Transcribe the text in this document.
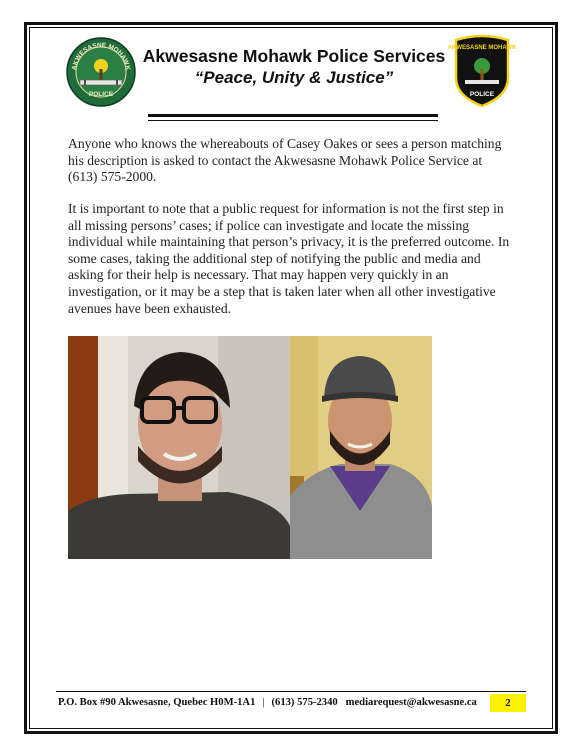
AKWESASNE MOHAWK
POLICE
Akwesasne Mohawk Police Services
“Peace, Unity & Justice”
AKWESASNE MOHAWK
POLICE

Anyone who knows the whereabouts of Casey Oakes or sees a person matching his description is asked to contact the Akwesasne Mohawk Police Service at (613) 575-2000.

It is important to note that a public request for information is not the first step in all missing persons’ cases; if police can investigate and locate the missing individual while maintaining that person’s privacy, it is the preferred outcome. In some cases, taking the additional step of notifying the public and media and asking for their help is necessary. That may happen very quickly in an investigation, or it may be a step that is taken later when all other investigative avenues have been exhausted.

P.O. Box #90 Akwesasne, Quebec H0M-1A1 | (613) 575-2340 mediarequest@akwesasne.ca	2
